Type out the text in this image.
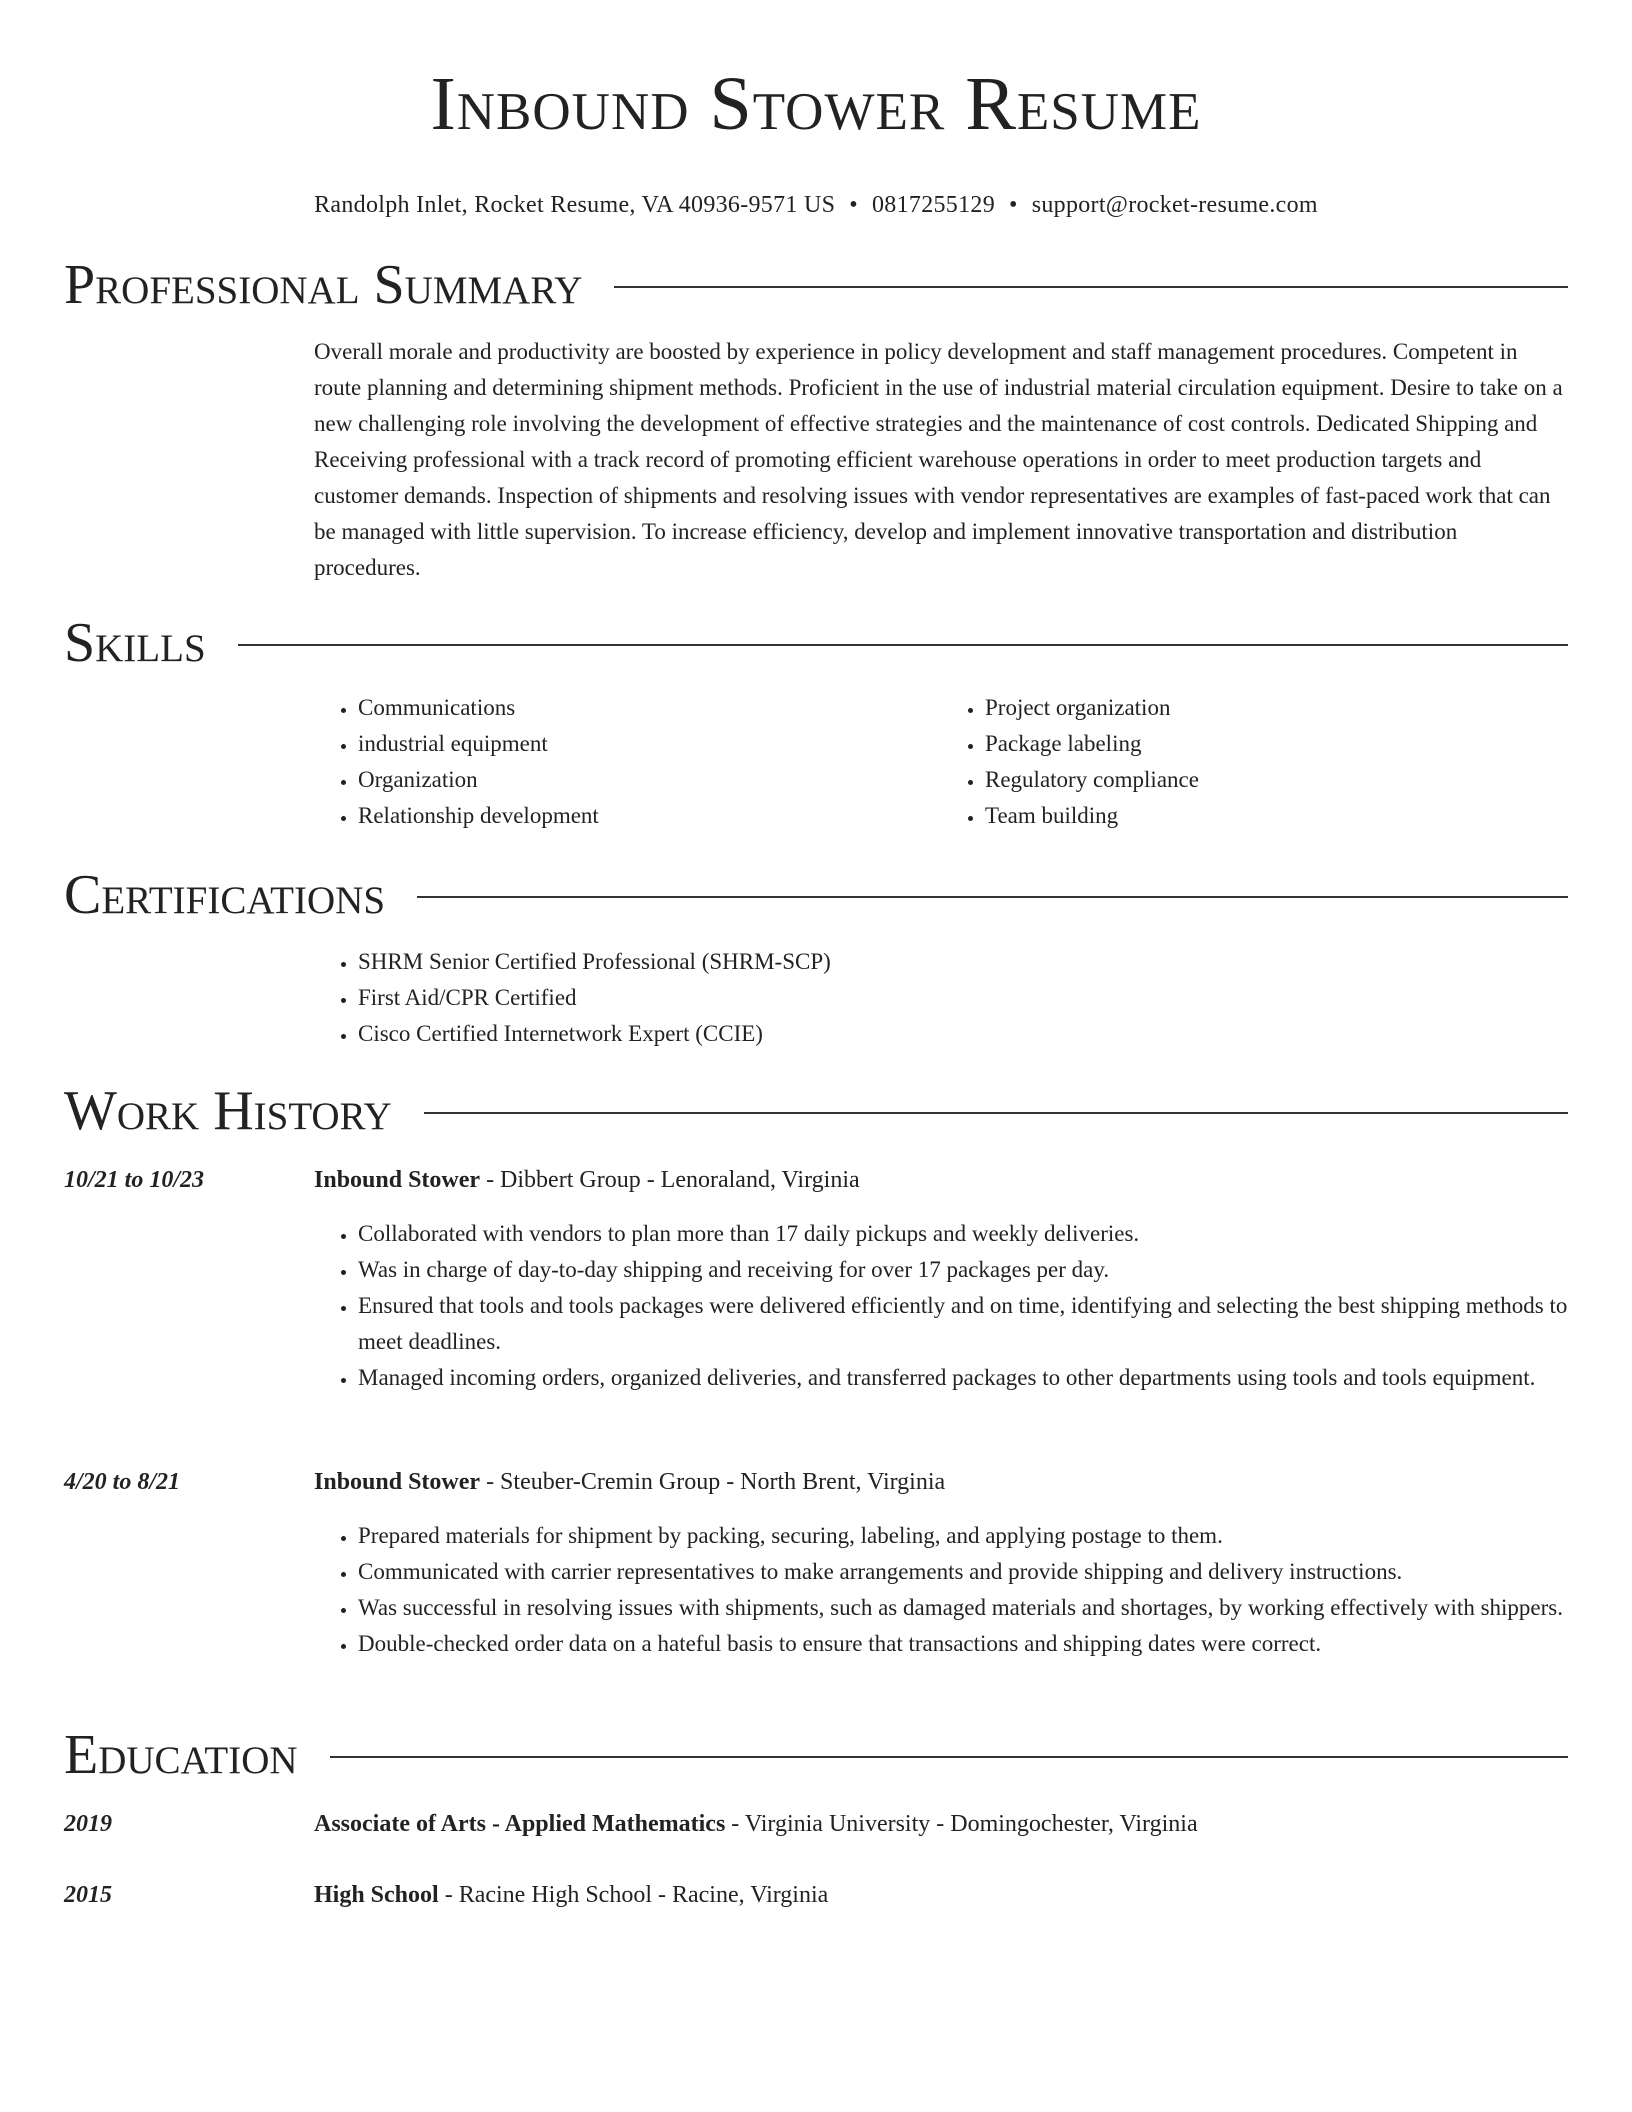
Inbound Stower Resume
Randolph Inlet, Rocket Resume, VA 40936-9571 US • 0817255129 • support@rocket-resume.com
Professional Summary

Overall morale and productivity are boosted by experience in policy development and staff management procedures. Competent in route planning and determining shipment methods. Proficient in the use of industrial material circulation equipment. Desire to take on a new challenging role involving the development of effective strategies and the maintenance of cost controls. Dedicated Shipping and Receiving professional with a track record of promoting efficient warehouse operations in order to meet production targets and customer demands. Inspection of shipments and resolving issues with vendor representatives are examples of fast-paced work that can be managed with little supervision. To increase efficiency, develop and implement innovative transportation and distribution procedures.

Skills
• Communications
• industrial equipment
• Organization
• Relationship development
• Project organization
• Package labeling
• Regulatory compliance
• Team building
Certifications
• SHRM Senior Certified Professional (SHRM-SCP)
• First Aid/CPR Certified
• Cisco Certified Internetwork Expert (CCIE)
Work History
10/21 to 10/23	Inbound Stower - Dibbert Group - Lenoraland, Virginia
• Collaborated with vendors to plan more than 17 daily pickups and weekly deliveries.
• Was in charge of day-to-day shipping and receiving for over 17 packages per day.
• Ensured that tools and tools packages were delivered efficiently and on time, identifying and selecting the best shipping methods to meet deadlines.
• Managed incoming orders, organized deliveries, and transferred packages to other departments using tools and tools equipment.
4/20 to 8/21	Inbound Stower - Steuber-Cremin Group - North Brent, Virginia
• Prepared materials for shipment by packing, securing, labeling, and applying postage to them.
• Communicated with carrier representatives to make arrangements and provide shipping and delivery instructions.
• Was successful in resolving issues with shipments, such as damaged materials and shortages, by working effectively with shippers.
• Double-checked order data on a hateful basis to ensure that transactions and shipping dates were correct.
Education
2019	Associate of Arts - Applied Mathematics - Virginia University - Domingochester, Virginia
2015	High School - Racine High School - Racine, Virginia
